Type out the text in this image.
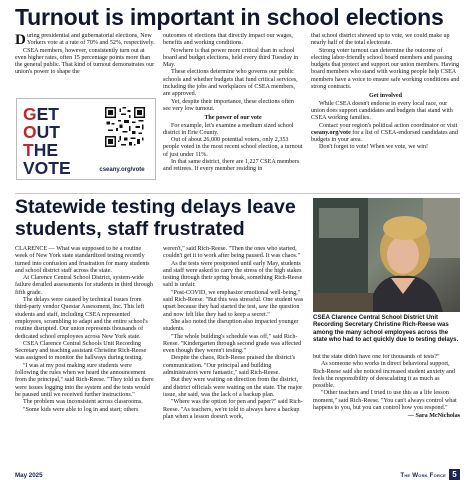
Turnout is important in school elections

During presidential and gubernatorial elections, New Yorkers vote at a rate of 70% and 52%, respectively.

CSEA members, however, consistently turn out at even higher rates, often 15 percentage points more than the general public. That kind of turnout demonstrates our union's power to shape the

GET
OUT
THE
VOTE	cseany.org/vote

outcomes of elections that directly impact our wages, benefits and working conditions.

Nowhere is that power more critical than in school board and budget elections, held every third Tuesday in May.

These elections determine who governs our public schools and whether budgets that fund critical services, including the jobs and workplaces of CSEA members, are approved.

Yet, despite their importance, these elections often see very low turnout.

The power of our vote

For example, let's examine a medium sized school district in Erie County.

Out of about 26,000 potential voters, only 2,353 people voted in the most recent school election, a turnout of just under 11%.

In that same district, there are 1,227 CSEA members and retirees. If every member residing in

that school district showed up to vote, we could make up nearly half of the total electorate.

Strong voter turnout can determine the outcome of electing labor-friendly school board members and passing budgets that protect and support our union members. Having board members who stand with working people help CSEA members have a voice to ensure safe working conditions and strong contracts.

Get involved

While CSEA doesn't endorse in every local race, our union does support candidates and budgets that stand with CSEA working families.

Contact your region's political action coordinator or visit cseany.org/vote for a list of CSEA-endorsed candidates and budgets in your area.

Don't forget to vote! When we vote, we win!

Statewide testing delays leave students, staff frustrated
CSEA Clarence Central School District Unit Recording Secretary Christine Rich-Reese was among the many school employees across the state who had to act quickly due to testing delays.

CLARENCE — What was supposed to be a routine week of New York state standardized testing recently turned into confusion and frustration for many students and school district staff across the state.

At Clarence Central School District, system-wide failure derailed assessments for students in third through fifth grade.

The delays were caused by technical issues from third-party vendor Questar Assessment, Inc. This left students and staff, including CSEA represented employees, scrambling to adapt and the entire school's routine disrupted. Our union represents thousands of dedicated school employees across New York state.

CSEA Clarence Central Schools Unit Recording Secretary and teaching assistant Christine Rich-Reese was assigned to monitor the hallways during testing.

"I was at my post making sure students were following the rules when we heard the announcement from the principal," said Rich-Reese. "They told us there were issues logging into the system and the tests would be paused until we received further instructions."

The problem was inconsistent across classrooms.

"Some kids were able to log in and start; others

weren't," said Rich-Reese. "Then the ones who started, couldn't get it to work after being paused. It was chaos."

As the tests were postponed until early May, students and staff were asked to carry the stress of the high stakes testing through their spring break, something Rich-Reese said is unfair.

"Post-COVID, we emphasize emotional well-being," said Rich-Reese. "But this was stressful. One student was upset because they had started the test, saw the question and now felt like they had to keep a secret."

She also noted the disruption also impacted younger students.

"The whole building's schedule was off," said Rich-Reese. "Kindergarten through second grade was affected even though they weren't testing."

Despite the chaos, Rich-Reese praised the district's communication. "Our principal and building administrators were fantastic," said Rich-Reese.

But they were waiting on direction from the district, and district officials were waiting on the state. The major issue, she said, was the lack of a backup plan.

"Where was the option for pen and paper?" said Rich-Reese. "As teachers, we're told to always have a backup plan when a lesson doesn't work,

but the state didn't have one for thousands of tests?"

As someone who works in direct behavioral support, Rich-Reese said she noticed increased student anxiety and feels the responsibility of deescalating it as much as possible.

"Other teachers and I tried to use this as a life lesson moment," said Rich-Reese. "You can't always control what happens to you, but you can control how you respond."

— Sara McNicholas

May 2025	The Work Force 5
